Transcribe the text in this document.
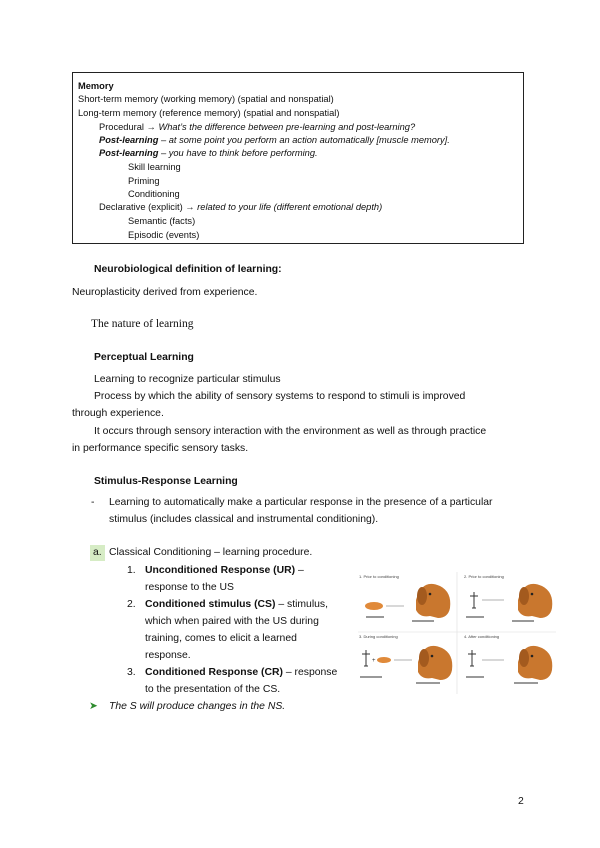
Memory
Short-term memory (working memory) (spatial and nonspatial)
Long-term memory (reference memory) (spatial and nonspatial)
Procedural → What’s the difference between pre-learning and post-learning?
Post-learning – at some point you perform an action automatically [muscle memory].
Post-learning – you have to think before performing.
Skill learning
Priming
Conditioning
Declarative (explicit) → related to your life (different emotional depth)
Semantic (facts)
Episodic (events)
Neurobiological definition of learning:
Neuroplasticity derived from experience.
The nature of learning
Perceptual Learning
Learning to recognize particular stimulus
Process by which the ability of sensory systems to respond to stimuli is improved
through experience.
It occurs through sensory interaction with the environment as well as through practice
in performance specific sensory tasks.
Stimulus-Response Learning
- Learning to automatically make a particular response in the presence of a particular
stimulus (includes classical and instrumental conditioning).
a. Classical Conditioning – learning procedure.
1. Unconditioned Response (UR) –
response to the US
2. Conditioned stimulus (CS) – stimulus,
which when paired with the US during
training, comes to elicit a learned
response.
3. Conditioned Response (CR) – response
to the presentation of the CS.
➤ The S will produce changes in the NS.
1. Prior to conditioning	2. Prior to conditioning
3. During conditioning	4. After conditioning
+
2
